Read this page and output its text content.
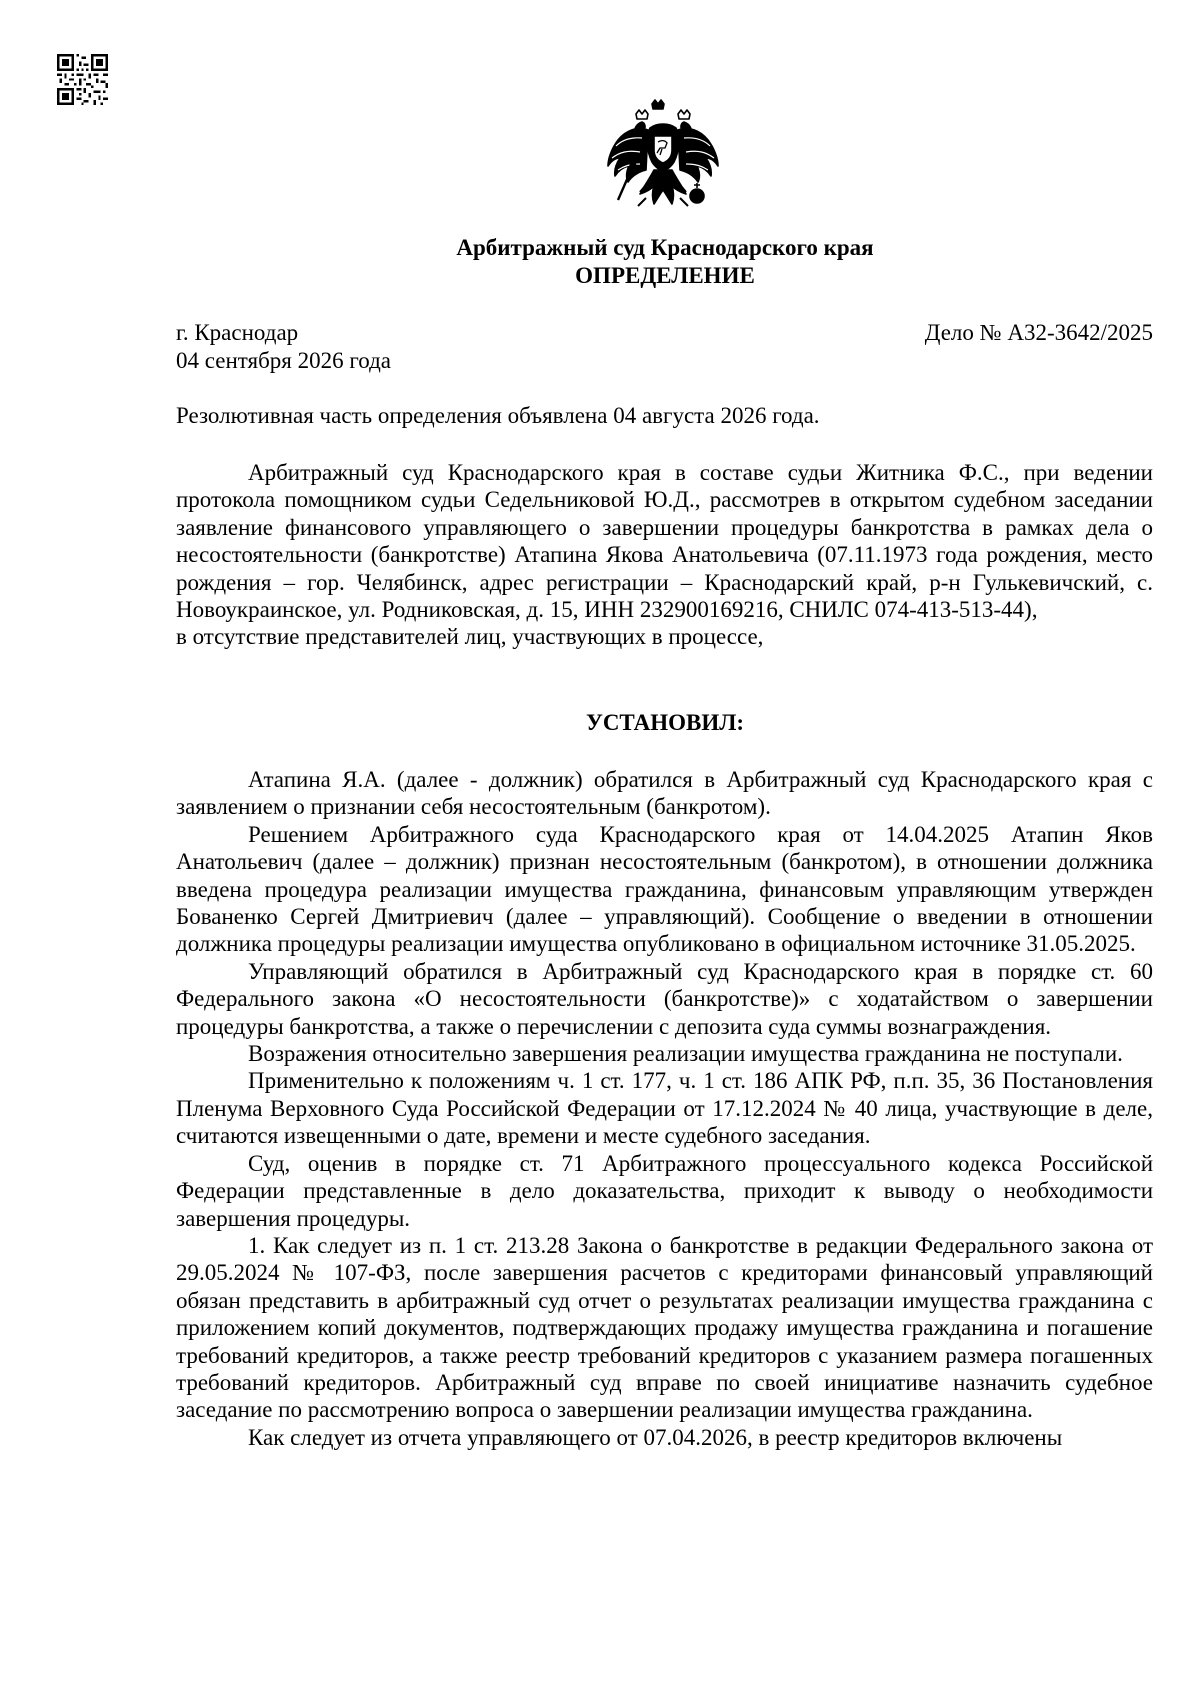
Арбитражный суд Краснодарского края
ОПРЕДЕЛЕНИЕ
г. Краснодар
04 сентября 2026 года
Дело № А32-3642/2025
Резолютивная часть определения объявлена 04 августа 2026 года.

Арбитражный суд Краснодарского края в составе судьи Житника Ф.С., при ведении протокола помощником судьи Седельниковой Ю.Д., рассмотрев в открытом судебном заседании заявление финансового управляющего о завершении процедуры банкротства в рамках дела о несостоятельности (банкротстве) Атапина Якова Анатольевича (07.11.1973 года рождения, место рождения – гор. Челябинск, адрес регистрации – Краснодарский край, р-н Гулькевичский, с. Новоукраинское, ул. Родниковская, д. 15, ИНН 232900169216, СНИЛС 074-413-513-44),

в отсутствие представителей лиц, участвующих в процессе,

УСТАНОВИЛ:

Атапина Я.А. (далее - должник) обратился в Арбитражный суд Краснодарского края с заявлением о признании себя несостоятельным (банкротом).

Решением Арбитражного суда Краснодарского края от 14.04.2025 Атапин Яков Анатольевич (далее – должник) признан несостоятельным (банкротом), в отношении должника введена процедура реализации имущества гражданина, финансовым управляющим утвержден Бованенко Сергей Дмитриевич (далее – управляющий). Сообщение о введении в отношении должника процедуры реализации имущества опубликовано в официальном источнике 31.05.2025.

Управляющий обратился в Арбитражный суд Краснодарского края в порядке ст. 60 Федерального закона «О несостоятельности (банкротстве)» с ходатайством о завершении процедуры банкротства, а также о перечислении с депозита суда суммы вознаграждения.

Возражения относительно завершения реализации имущества гражданина не поступали.

Применительно к положениям ч. 1 ст. 177, ч. 1 ст. 186 АПК РФ, п.п. 35, 36 Постановления Пленума Верховного Суда Российской Федерации от 17.12.2024 № 40 лица, участвующие в деле, считаются извещенными о дате, времени и месте судебного заседания.

Суд, оценив в порядке ст. 71 Арбитражного процессуального кодекса Российской Федерации представленные в дело доказательства, приходит к выводу о необходимости завершения процедуры.

1. Как следует из п. 1 ст. 213.28 Закона о банкротстве в редакции Федерального закона от 29.05.2024 № 107-ФЗ, после завершения расчетов с кредиторами финансовый управляющий обязан представить в арбитражный суд отчет о результатах реализации имущества гражданина с приложением копий документов, подтверждающих продажу имущества гражданина и погашение требований кредиторов, а также реестр требований кредиторов с указанием размера погашенных требований кредиторов. Арбитражный суд вправе по своей инициативе назначить судебное заседание по рассмотрению вопроса о завершении реализации имущества гражданина.

Как следует из отчета управляющего от 07.04.2026, в реестр кредиторов включены
